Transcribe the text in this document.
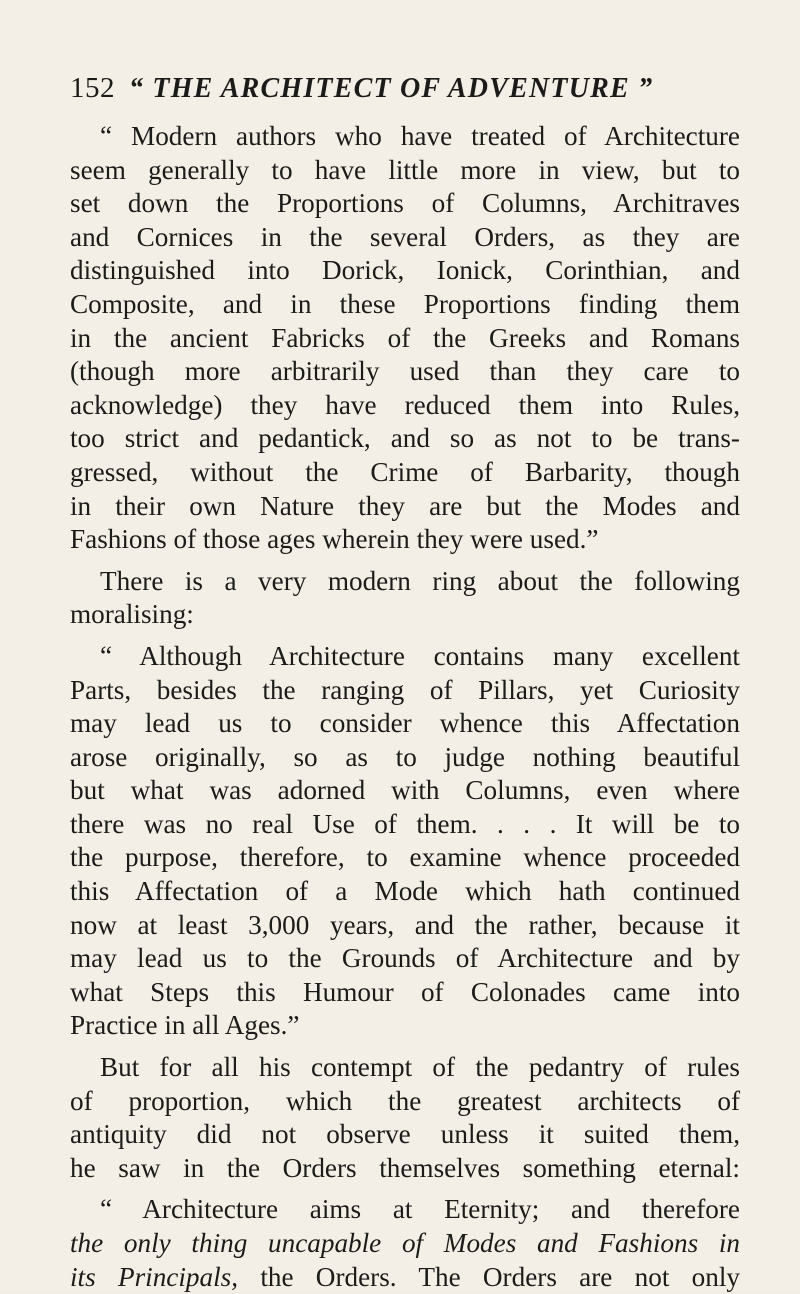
152 “ THE ARCHITECT OF ADVENTURE ”
“ Modern authors who have treated of Architecture
seem generally to have little more in view, but to
set down the Proportions of Columns, Architraves
and Cornices in the several Orders, as they are
distinguished into Dorick, Ionick, Corinthian, and
Composite, and in these Proportions finding them
in the ancient Fabricks of the Greeks and Romans
(though more arbitrarily used than they care to
acknowledge) they have reduced them into Rules,
too strict and pedantick, and so as not to be trans-
gressed, without the Crime of Barbarity, though
in their own Nature they are but the Modes and
Fashions of those ages wherein they were used.”
There is a very modern ring about the following
moralising:
“ Although Architecture contains many excellent
Parts, besides the ranging of Pillars, yet Curiosity
may lead us to consider whence this Affectation
arose originally, so as to judge nothing beautiful
but what was adorned with Columns, even where
there was no real Use of them. . . . It will be to
the purpose, therefore, to examine whence proceeded
this Affectation of a Mode which hath continued
now at least 3,000 years, and the rather, because it
may lead us to the Grounds of Architecture and by
what Steps this Humour of Colonades came into
Practice in all Ages.”
But for all his contempt of the pedantry of rules
of proportion, which the greatest architects of
antiquity did not observe unless it suited them,
he saw in the Orders themselves something eternal:
“ Architecture aims at Eternity; and therefore
the only thing uncapable of Modes and Fashions in
its Principals, the Orders. The Orders are not only
